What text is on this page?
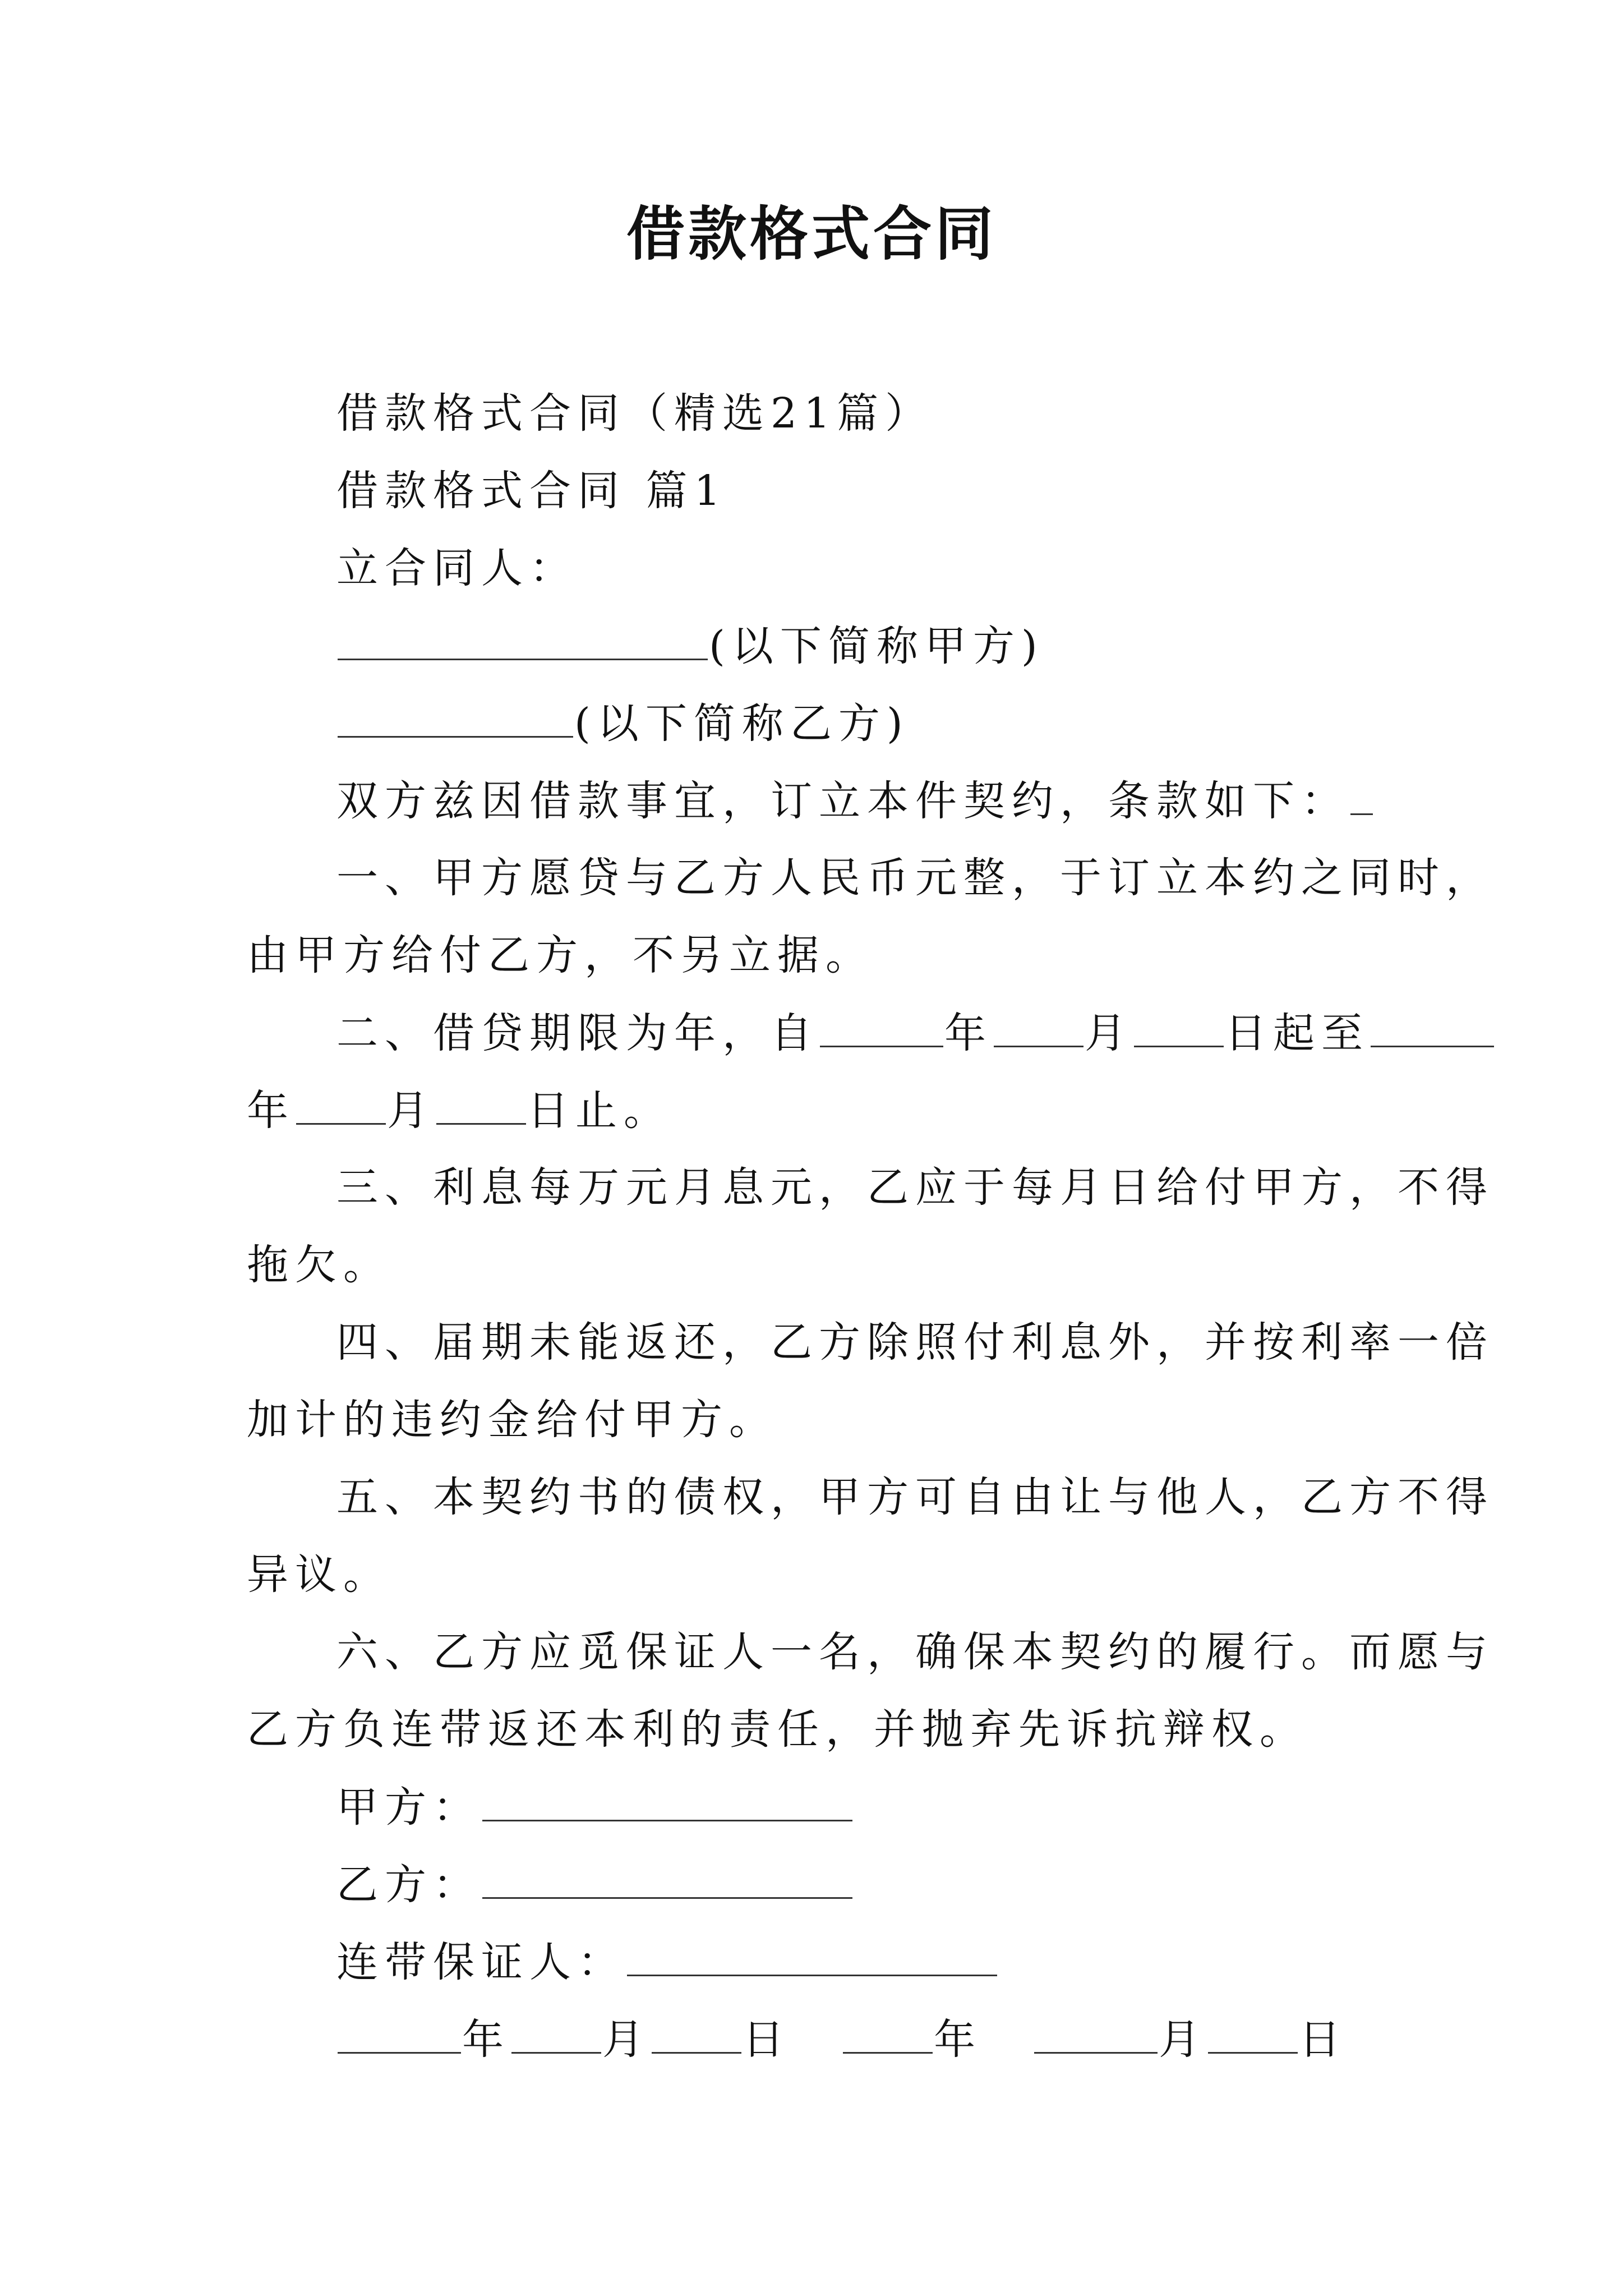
借款格式合同
借款格式合同（精选21篇）
借款格式合同 篇1
立合同人：
(以下简称甲方)
(以下简称乙方)
双方兹因借款事宜，订立本件契约，条款如下：
一、甲方愿贷与乙方人民币元整，于订立本约之同时，
由甲方给付乙方，不另立据。
二、借贷期限为年，自	年 月 日起至
年 月 日止。
三、利息每万元月息元，乙应于每月日给付甲方，不得
拖欠。
四、届期未能返还，乙方除照付利息外，并按利率一倍
加计的违约金给付甲方。
五、本契约书的债权，甲方可自由让与他人，乙方不得
异议。
六、乙方应觅保证人一名，确保本契约的履行。而愿与
乙方负连带返还本利的责任，并抛弃先诉抗辩权。
甲方：
乙方：
连带保证人：
年 月 日	年	月 日
